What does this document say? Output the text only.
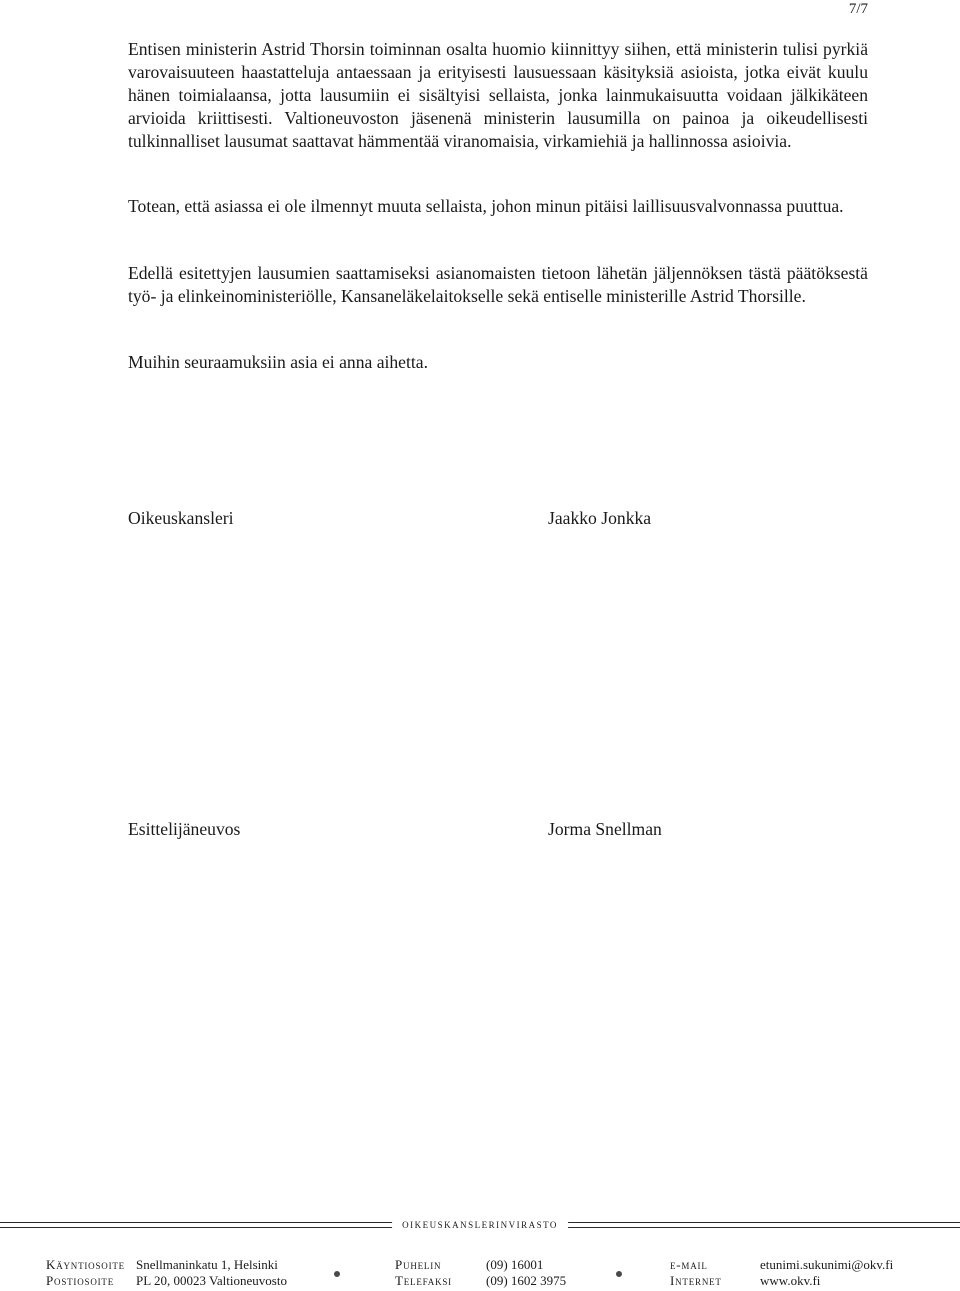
7/7

Entisen ministerin Astrid Thorsin toiminnan osalta huomio kiinnittyy siihen, että ministerin tulisi pyrkiä varovaisuuteen haastatteluja antaessaan ja erityisesti lausuessaan käsityksiä asioista, jotka eivät kuulu hänen toimialaansa, jotta lausumiin ei sisältyisi sellaista, jonka lainmukaisuutta voidaan jälkikäteen arvioida kriittisesti. Valtioneuvoston jäsenenä ministerin lausumilla on painoa ja oikeudellisesti tulkinnalliset lausumat saattavat hämmentää viranomaisia, virkamiehiä ja hallinnossa asioivia.

Totean, että asiassa ei ole ilmennyt muuta sellaista, johon minun pitäisi laillisuusvalvonnassa puuttua.

Edellä esitettyjen lausumien saattamiseksi asianomaisten tietoon lähetän jäljennöksen tästä päätöksestä työ- ja elinkeinoministeriölle, Kansaneläkelaitokselle sekä entiselle ministerille Astrid Thorsille.

Muihin seuraamuksiin asia ei anna aihetta.

Oikeuskansleri	Jaakko Jonkka
Esittelijäneuvos	Jorma Snellman
oikeuskanslerinvirasto
Käyntiosoite Snellmaninkatu 1, Helsinki
Postiosoite PL 20, 00023 Valtioneuvosto
Puhelin	(09) 16001
Telefaksi	(09) 1602 3975
e-mail	etunimi.sukunimi@okv.fi
Internet	www.okv.fi
